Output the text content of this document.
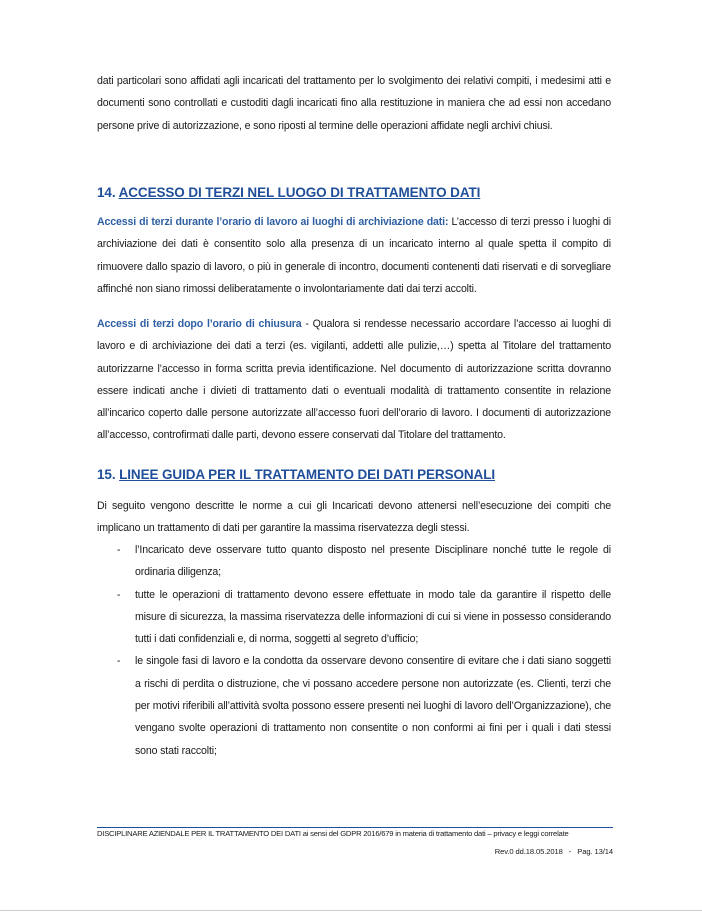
dati particolari sono affidati agli incaricati del trattamento per lo svolgimento dei relativi compiti, i medesimi atti e documenti sono controllati e custoditi dagli incaricati fino alla restituzione in maniera che ad essi non accedano persone prive di autorizzazione, e sono riposti al termine delle operazioni affidate negli archivi chiusi.

14. ACCESSO DI TERZI NEL LUOGO DI TRATTAMENTO DATI

Accessi di terzi durante l’orario di lavoro ai luoghi di archiviazione dati: L’accesso di terzi presso i luoghi di archiviazione dei dati è consentito solo alla presenza di un incaricato interno al quale spetta il compito di rimuovere dallo spazio di lavoro, o più in generale di incontro, documenti contenenti dati riservati e di sorvegliare affinché non siano rimossi deliberatamente o involontariamente dati dai terzi accolti.

Accessi di terzi dopo l’orario di chiusura - Qualora si rendesse necessario accordare l’accesso ai luoghi di lavoro e di archiviazione dei dati a terzi (es. vigilanti, addetti alle pulizie,…) spetta al Titolare del trattamento autorizzarne l’accesso in forma scritta previa identificazione. Nel documento di autorizzazione scritta dovranno essere indicati anche i divieti di trattamento dati o eventuali modalità di trattamento consentite in relazione all’incarico coperto dalle persone autorizzate all’accesso fuori dell’orario di lavoro. I documenti di autorizzazione all’accesso, controfirmati dalle parti, devono essere conservati dal Titolare del trattamento.

15. LINEE GUIDA PER IL TRATTAMENTO DEI DATI PERSONALI

Di seguito vengono descritte le norme a cui gli Incaricati devono attenersi nell’esecuzione dei compiti che implicano un trattamento di dati per garantire la massima riservatezza degli stessi.

- l’Incaricato deve osservare tutto quanto disposto nel presente Disciplinare nonché tutte le regole di ordinaria diligenza;
- tutte le operazioni di trattamento devono essere effettuate in modo tale da garantire il rispetto delle misure di sicurezza, la massima riservatezza delle informazioni di cui si viene in possesso considerando tutti i dati confidenziali e, di norma, soggetti al segreto d’ufficio;
- le singole fasi di lavoro e la condotta da osservare devono consentire di evitare che i dati siano soggetti a rischi di perdita o distruzione, che vi possano accedere persone non autorizzate (es. Clienti, terzi che per motivi riferibili all’attività svolta possono essere presenti nei luoghi di lavoro dell’Organizzazione), che vengano svolte operazioni di trattamento non consentite o non conformi ai fini per i quali i dati stessi sono stati raccolti;
DISCIPLINARE AZIENDALE PER IL TRATTAMENTO DEI DATI ai sensi del GDPR 2016/679 in materia di trattamento dati – privacy e leggi correlate
Rev.0 dd.18.05.2018 - Pag. 13/14
